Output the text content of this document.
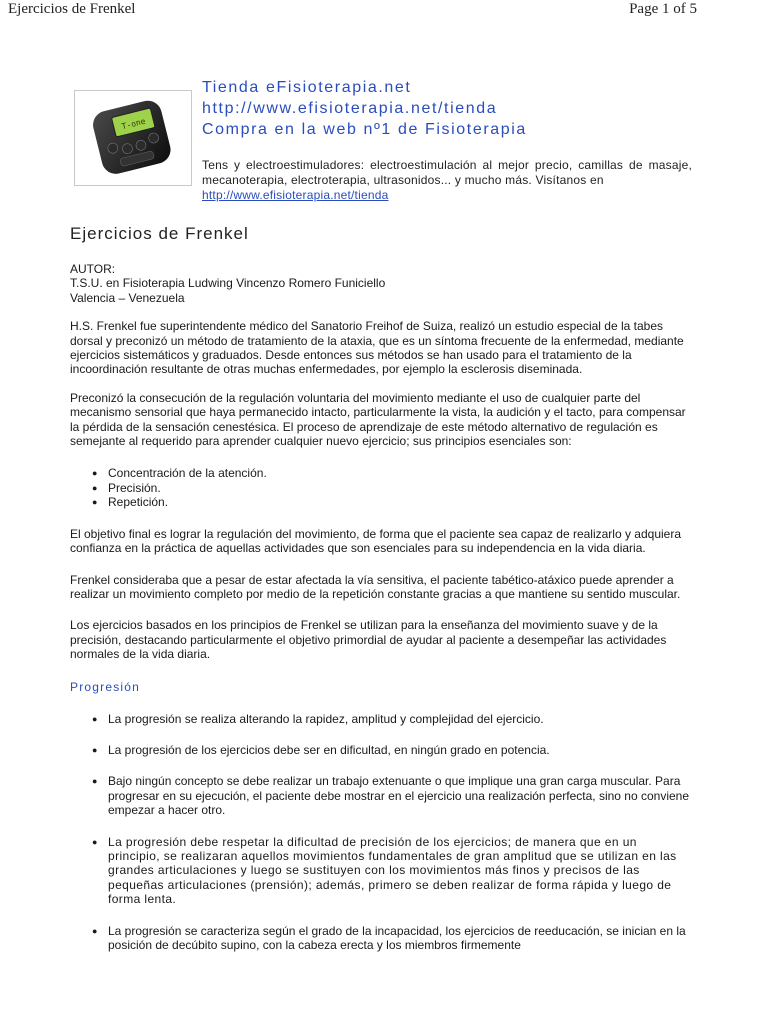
Ejercicios de Frenkel	Page 1 of 5
T-one
Tienda eFisioterapia.net
http://www.efisioterapia.net/tienda
Compra en la web nº1 de Fisioterapia
Tens y electroestimuladores: electroestimulación al mejor precio, camillas de masaje, mecanoterapia, electroterapia, ultrasonidos... y mucho más. Visítanos en
http://www.efisioterapia.net/tienda
Ejercicios de Frenkel
AUTOR:
T.S.U. en Fisioterapia Ludwing Vincenzo Romero Funiciello
Valencia – Venezuela

H.S. Frenkel fue superintendente médico del Sanatorio Freihof de Suiza, realizó un estudio especial de la tabes dorsal y preconizó un método de tratamiento de la ataxia, que es un síntoma frecuente de la enfermedad, mediante ejercicios sistemáticos y graduados. Desde entonces sus métodos se han usado para el tratamiento de la incoordinación resultante de otras muchas enfermedades, por ejemplo la esclerosis diseminada.

Preconizó la consecución de la regulación voluntaria del movimiento mediante el uso de cualquier parte del mecanismo sensorial que haya permanecido intacto, particularmente la vista, la audición y el tacto, para compensar la pérdida de la sensación cenestésica. El proceso de aprendizaje de este método alternativo de regulación es semejante al requerido para aprender cualquier nuevo ejercicio; sus principios esenciales son:

● Concentración de la atención.
● Precisión.
● Repetición.

El objetivo final es lograr la regulación del movimiento, de forma que el paciente sea capaz de realizarlo y adquiera confianza en la práctica de aquellas actividades que son esenciales para su independencia en la vida diaria.

Frenkel consideraba que a pesar de estar afectada la vía sensitiva, el paciente tabético-atáxico puede aprender a realizar un movimiento completo por medio de la repetición constante gracias a que mantiene su sentido muscular.

Los ejercicios basados en los principios de Frenkel se utilizan para la enseñanza del movimiento suave y de la precisión, destacando particularmente el objetivo primordial de ayudar al paciente a desempeñar las actividades normales de la vida diaria.

Progresión
● La progresión se realiza alterando la rapidez, amplitud y complejidad del ejercicio.
● La progresión de los ejercicios debe ser en dificultad, en ningún grado en potencia.
● Bajo ningún concepto se debe realizar un trabajo extenuante o que implique una gran carga muscular. Para progresar en su ejecución, el paciente debe mostrar en el ejercicio una realización perfecta, sino no conviene empezar a hacer otro.
● La progresión debe respetar la dificultad de precisión de los ejercicios; de manera que en un principio, se realizaran aquellos movimientos fundamentales de gran amplitud que se utilizan en las grandes articulaciones y luego se sustituyen con los movimientos más finos y precisos de las pequeñas articulaciones (prensión); además, primero se deben realizar de forma rápida y luego de forma lenta.
● La progresión se caracteriza según el grado de la incapacidad, los ejercicios de reeducación, se inician en la posición de decúbito supino, con la cabeza erecta y los miembros firmemente
